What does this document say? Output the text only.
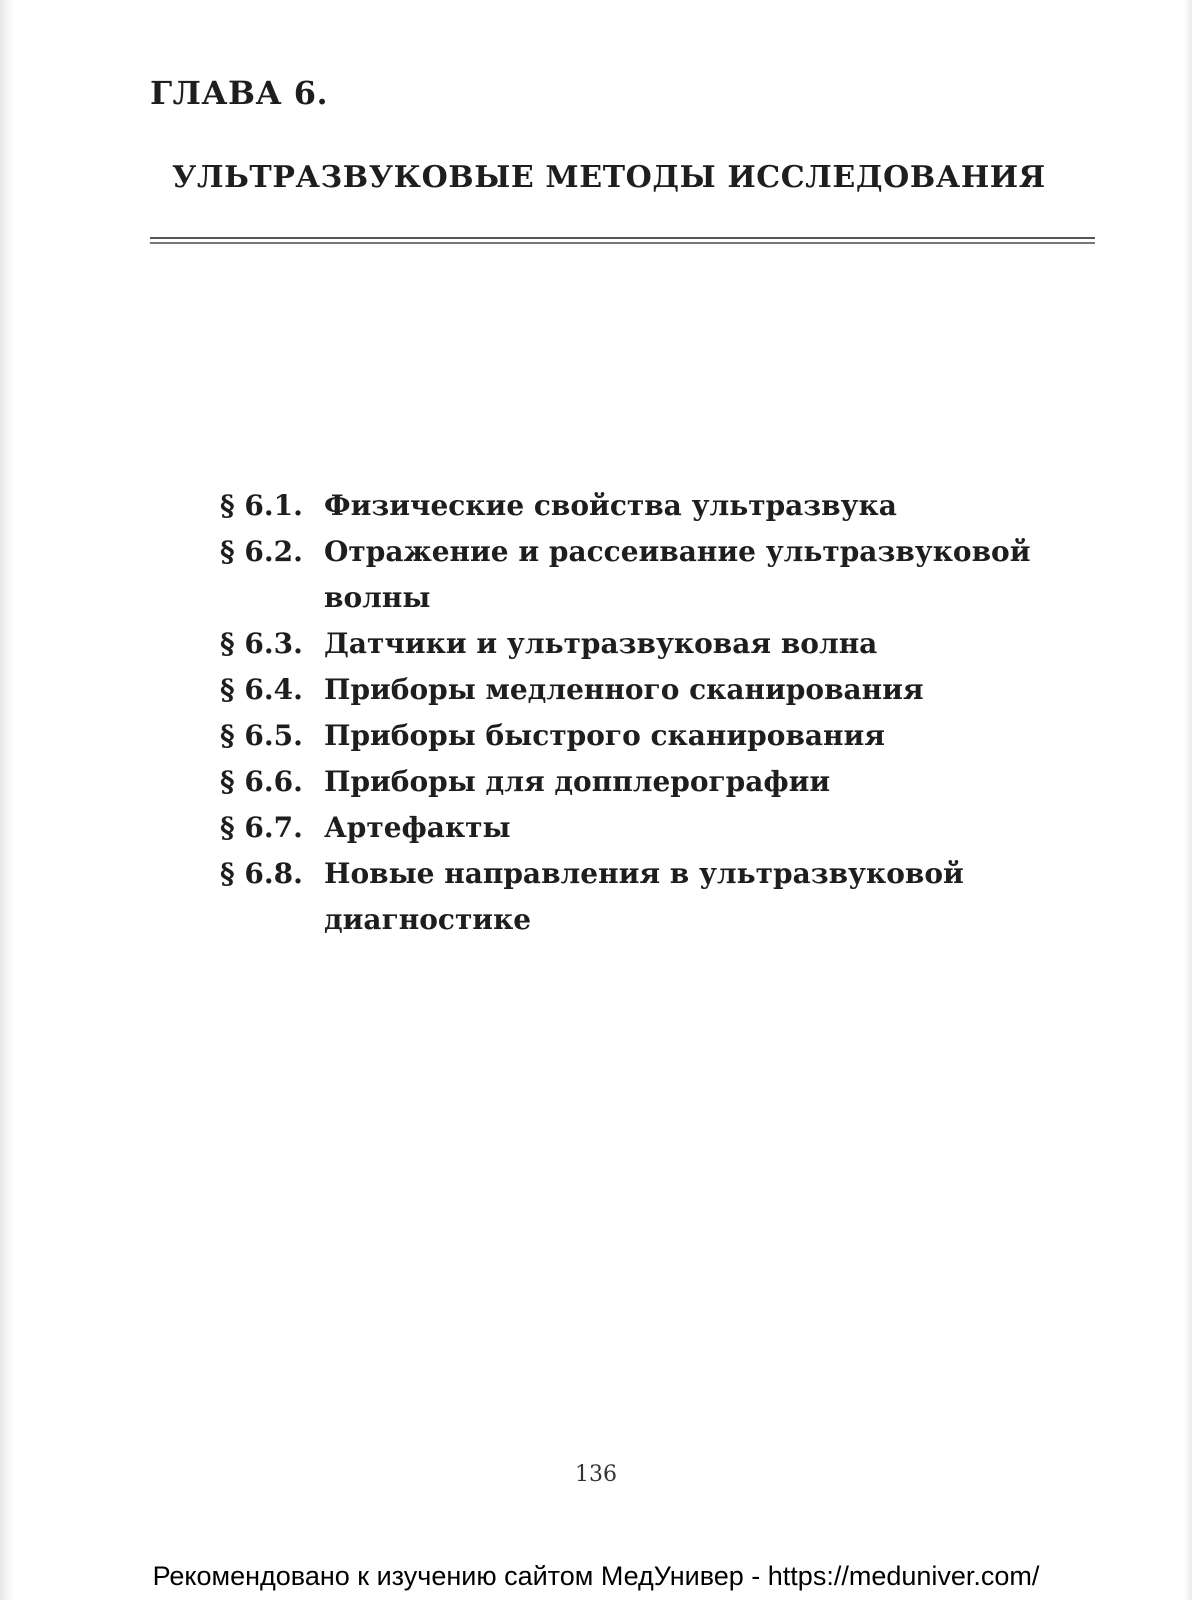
ГЛАВА 6.
УЛЬТРАЗВУКОВЫЕ МЕТОДЫ ИССЛЕДОВАНИЯ
§ 6.1. Физические свойства ультразвука
§ 6.2. Отражение и рассеивание ультразвуковой волны
§ 6.3. Датчики и ультразвуковая волна
§ 6.4. Приборы медленного сканирования
§ 6.5. Приборы быстрого сканирования
§ 6.6. Приборы для допплерографии
§ 6.7. Артефакты
§ 6.8. Новые направления в ультразвуковой диагностике
136
Рекомендовано к изучению сайтом МедУнивер - https://meduniver.com/
